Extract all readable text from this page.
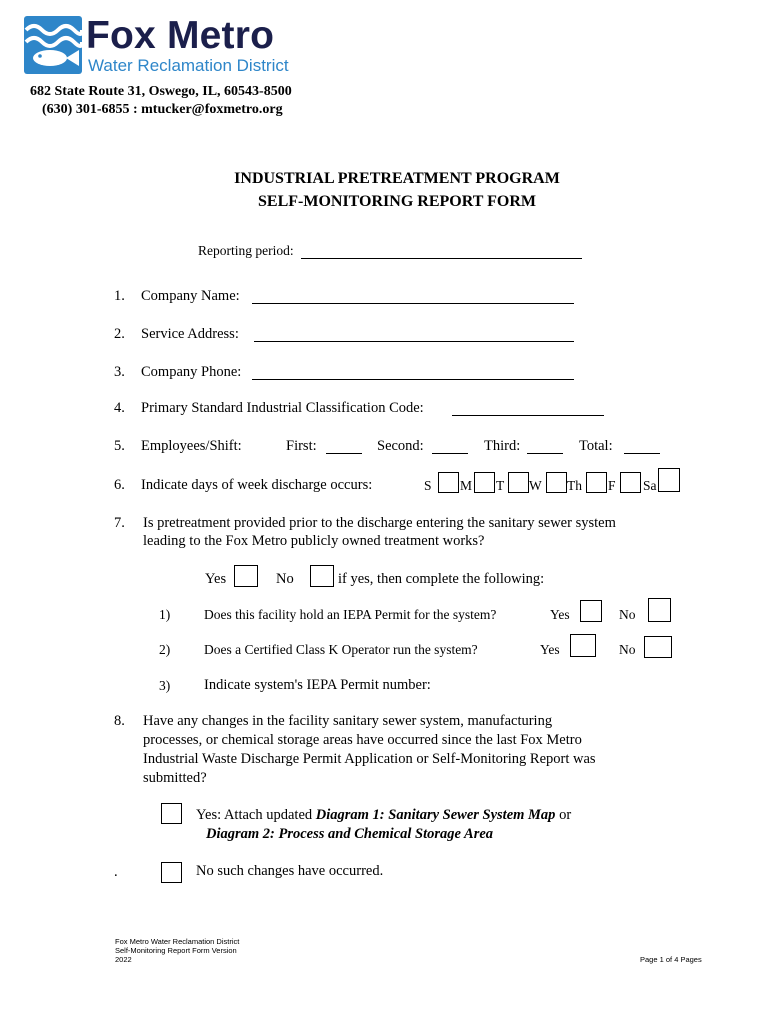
Fox Metro
Water Reclamation District
682 State Route 31, Oswego, IL, 60543-8500
(630) 301-6855 : mtucker@foxmetro.org
INDUSTRIAL PRETREATMENT PROGRAM
SELF-MONITORING REPORT FORM
Reporting period:
1. Company Name:
2. Service Address:
3. Company Phone:
4. Primary Standard Industrial Classification Code:
5. Employees/Shift:	First:	Second:	Third:	Total:
6. Indicate days of week discharge occurs:	S M T W Th F Sa
7. Is pretreatment provided prior to the discharge entering the sanitary sewer system
leading to the Fox Metro publicly owned treatment works?
Yes	No	if yes, then complete the following:
1)	Does this facility hold an IEPA Permit for the system?	Yes	No
2)	Does a Certified Class K Operator run the system?	Yes	No
3) Indicate system's IEPA Permit number:
8. Have any changes in the facility sanitary sewer system, manufacturing
processes, or chemical storage areas have occurred since the last Fox Metro
Industrial Waste Discharge Permit Application or Self-Monitoring Report was
submitted?
Yes: Attach updated Diagram 1: Sanitary Sewer System Map or
Diagram 2: Process and Chemical Storage Area
.	No such changes have occurred.
Fox Metro Water Reclamation District
Self-Monitoring Report Form Version
2022	Page 1 of 4 Pages
